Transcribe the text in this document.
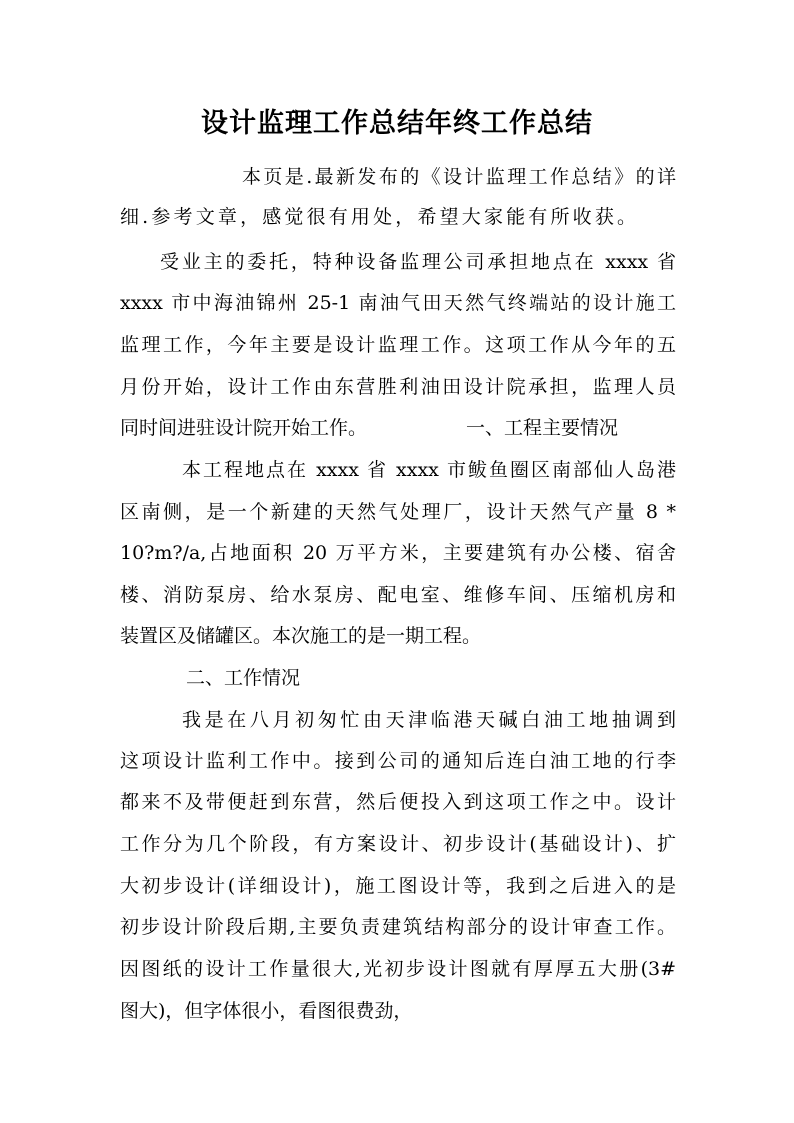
设计监理工作总结年终工作总结
本页是.最新发布的《设计监理工作总结》的详
细.参考文章，感觉很有用处，希望大家能有所收获。
受业主的委托，特种设备监理公司承担地点在 xxxx 省
xxxx 市中海油锦州 25-1 南油气田天然气终端站的设计施工
监理工作，今年主要是设计监理工作。这项工作从今年的五
月份开始，设计工作由东营胜利油田设计院承担，监理人员
同时间进驻设计院开始工作。	一、工程主要情况
本工程地点在 xxxx 省 xxxx 市鲅鱼圈区南部仙人岛港
区南侧，是一个新建的天然气处理厂，设计天然气产量 8 *
10?m?/a,占地面积 20 万平方米，主要建筑有办公楼、宿舍
楼、消防泵房、给水泵房、配电室、维修车间、压缩机房和
装置区及储罐区。本次施工的是一期工程。
二、工作情况
我是在八月初匆忙由天津临港天碱白油工地抽调到
这项设计监利工作中。接到公司的通知后连白油工地的行李
都来不及带便赶到东营，然后便投入到这项工作之中。设计
工作分为几个阶段，有方案设计、初步设计(基础设计)、扩
大初步设计(详细设计)，施工图设计等，我到之后进入的是
初步设计阶段后期,主要负责建筑结构部分的设计审查工作。
因图纸的设计工作量很大,光初步设计图就有厚厚五大册(3#
图大)，但字体很小，看图很费劲，
